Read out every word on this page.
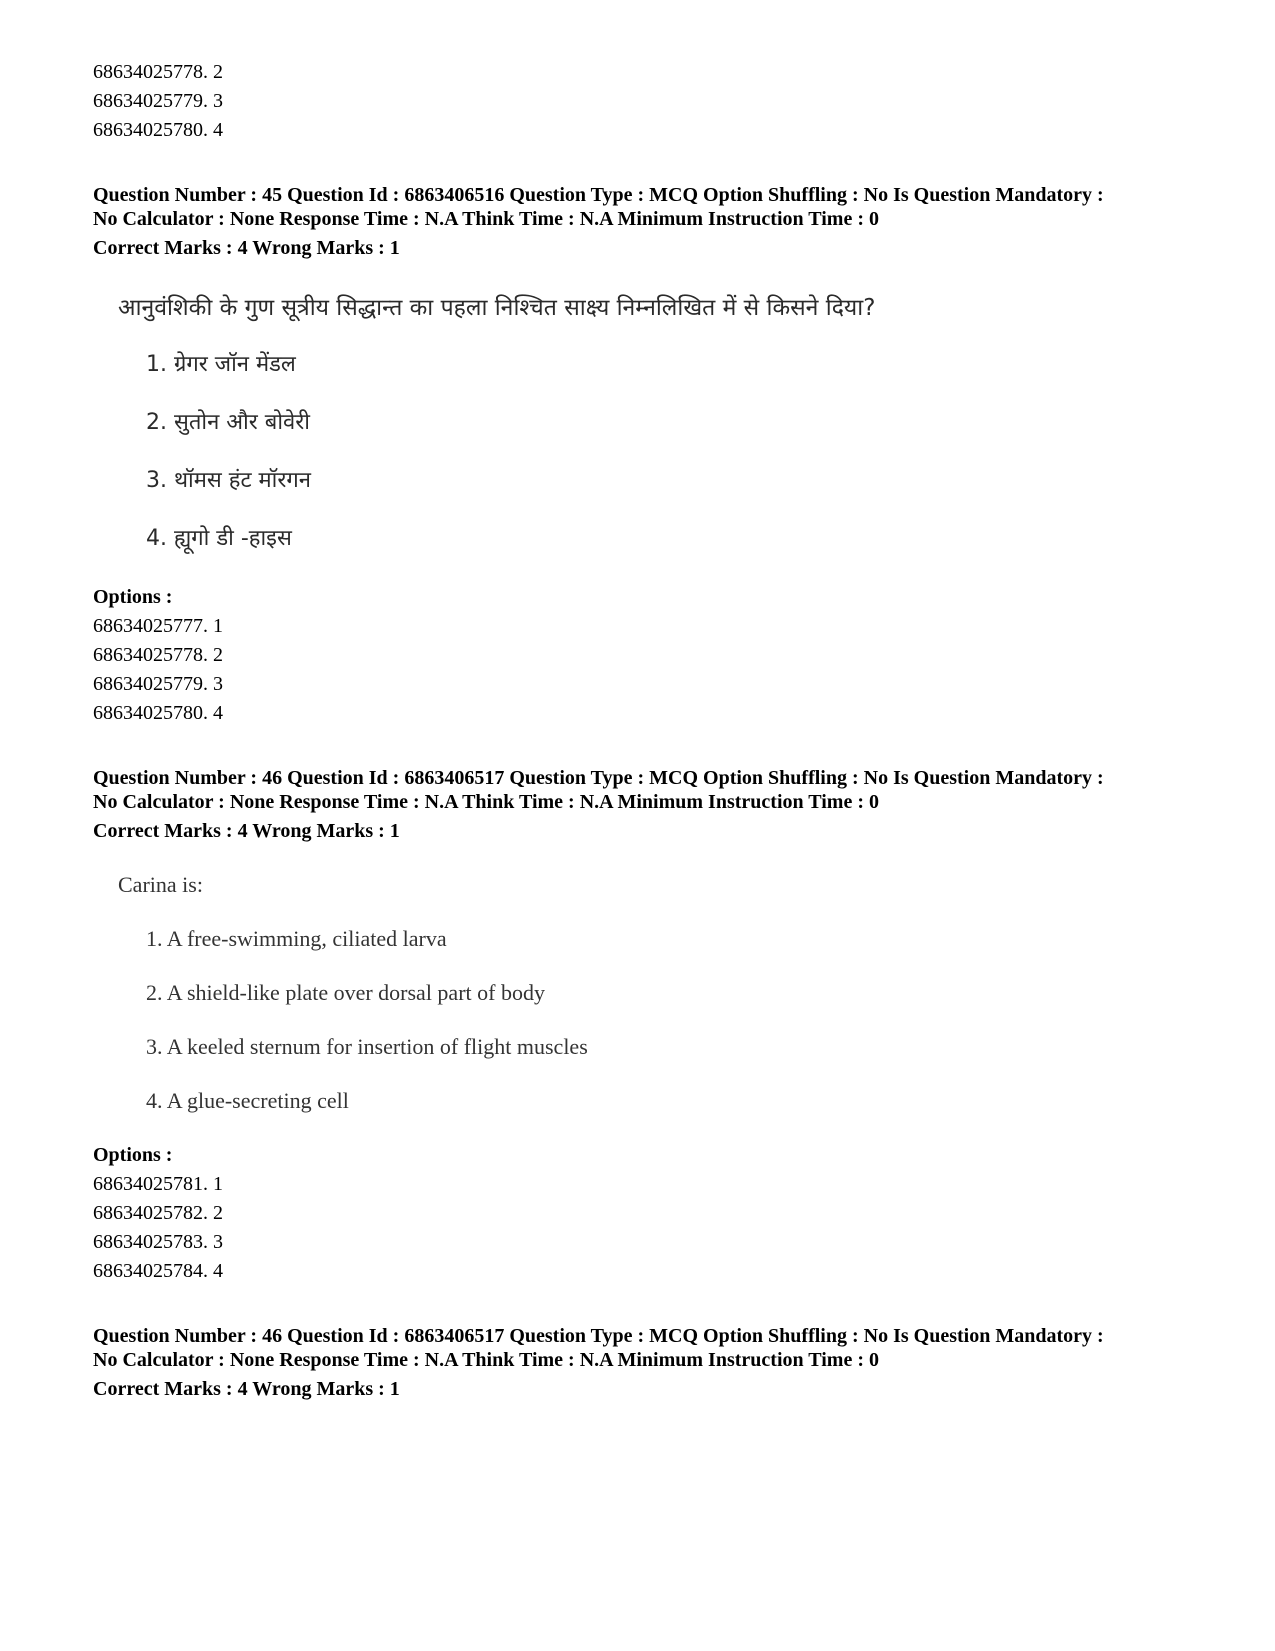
68634025778. 2
68634025779. 3
68634025780. 4
Question Number : 45 Question Id : 6863406516 Question Type : MCQ Option Shuffling : No Is Question Mandatory :
No Calculator : None Response Time : N.A Think Time : N.A Minimum Instruction Time : 0
Correct Marks : 4 Wrong Marks : 1
आनुवंशिकी के गुण सूत्रीय सिद्धान्त का पहला निश्चित साक्ष्य निम्नलिखित में से किसने दिया?
1. ग्रेगर जॉन मेंडल
2. सुतोन और बोवेरी
3. थॉमस हंट मॉरगन
4. ह्यूगो डी -हाइस
Options :
68634025777. 1
68634025778. 2
68634025779. 3
68634025780. 4
Question Number : 46 Question Id : 6863406517 Question Type : MCQ Option Shuffling : No Is Question Mandatory :
No Calculator : None Response Time : N.A Think Time : N.A Minimum Instruction Time : 0
Correct Marks : 4 Wrong Marks : 1
Carina is:
1. A free-swimming, ciliated larva
2. A shield-like plate over dorsal part of body
3. A keeled sternum for insertion of flight muscles
4. A glue-secreting cell
Options :
68634025781. 1
68634025782. 2
68634025783. 3
68634025784. 4
Question Number : 46 Question Id : 6863406517 Question Type : MCQ Option Shuffling : No Is Question Mandatory :
No Calculator : None Response Time : N.A Think Time : N.A Minimum Instruction Time : 0
Correct Marks : 4 Wrong Marks : 1
